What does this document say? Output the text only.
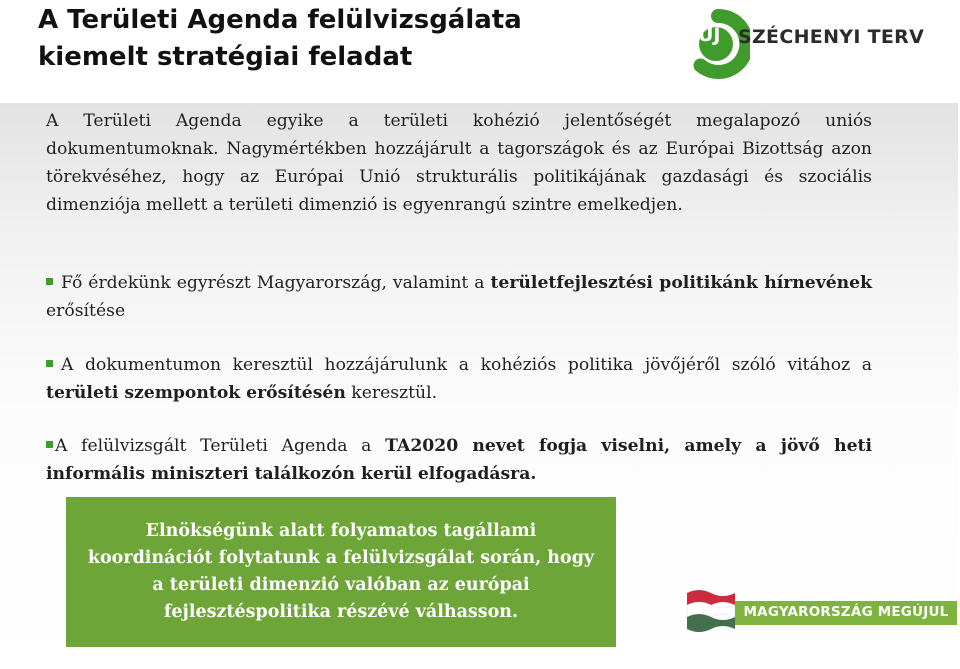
A Területi Agenda felülvizsgálata
kiemelt stratégiai feladat
ÚJ SZÉCHENYI TERV
A Területi Agenda egyike a területi kohézió jelentőségét megalapozó uniós dokumentumoknak. Nagymértékben hozzájárult a tagországok és az Európai Bizottság azon törekvéséhez, hogy az Európai Unió strukturális politikájának gazdasági és szociális dimenziója mellett a területi dimenzió is egyenrangú szintre emelkedjen.
Fő érdekünk egyrészt Magyarország, valamint a területfejlesztési politikánk hírnevének erősítése
A dokumentumon keresztül hozzájárulunk a kohéziós politika jövőjéről szóló vitához a területi szempontok erősítésén keresztül.
A felülvizsgált Területi Agenda a TA2020 nevet fogja viselni, amely a jövő heti informális miniszteri találkozón kerül elfogadásra.
Elnökségünk alatt folyamatos tagállami
koordinációt folytatunk a felülvizsgálat során, hogy
a területi dimenzió valóban az európai
fejlesztéspolitika részévé válhasson.	MAGYARORSZÁG MEGÚJUL
